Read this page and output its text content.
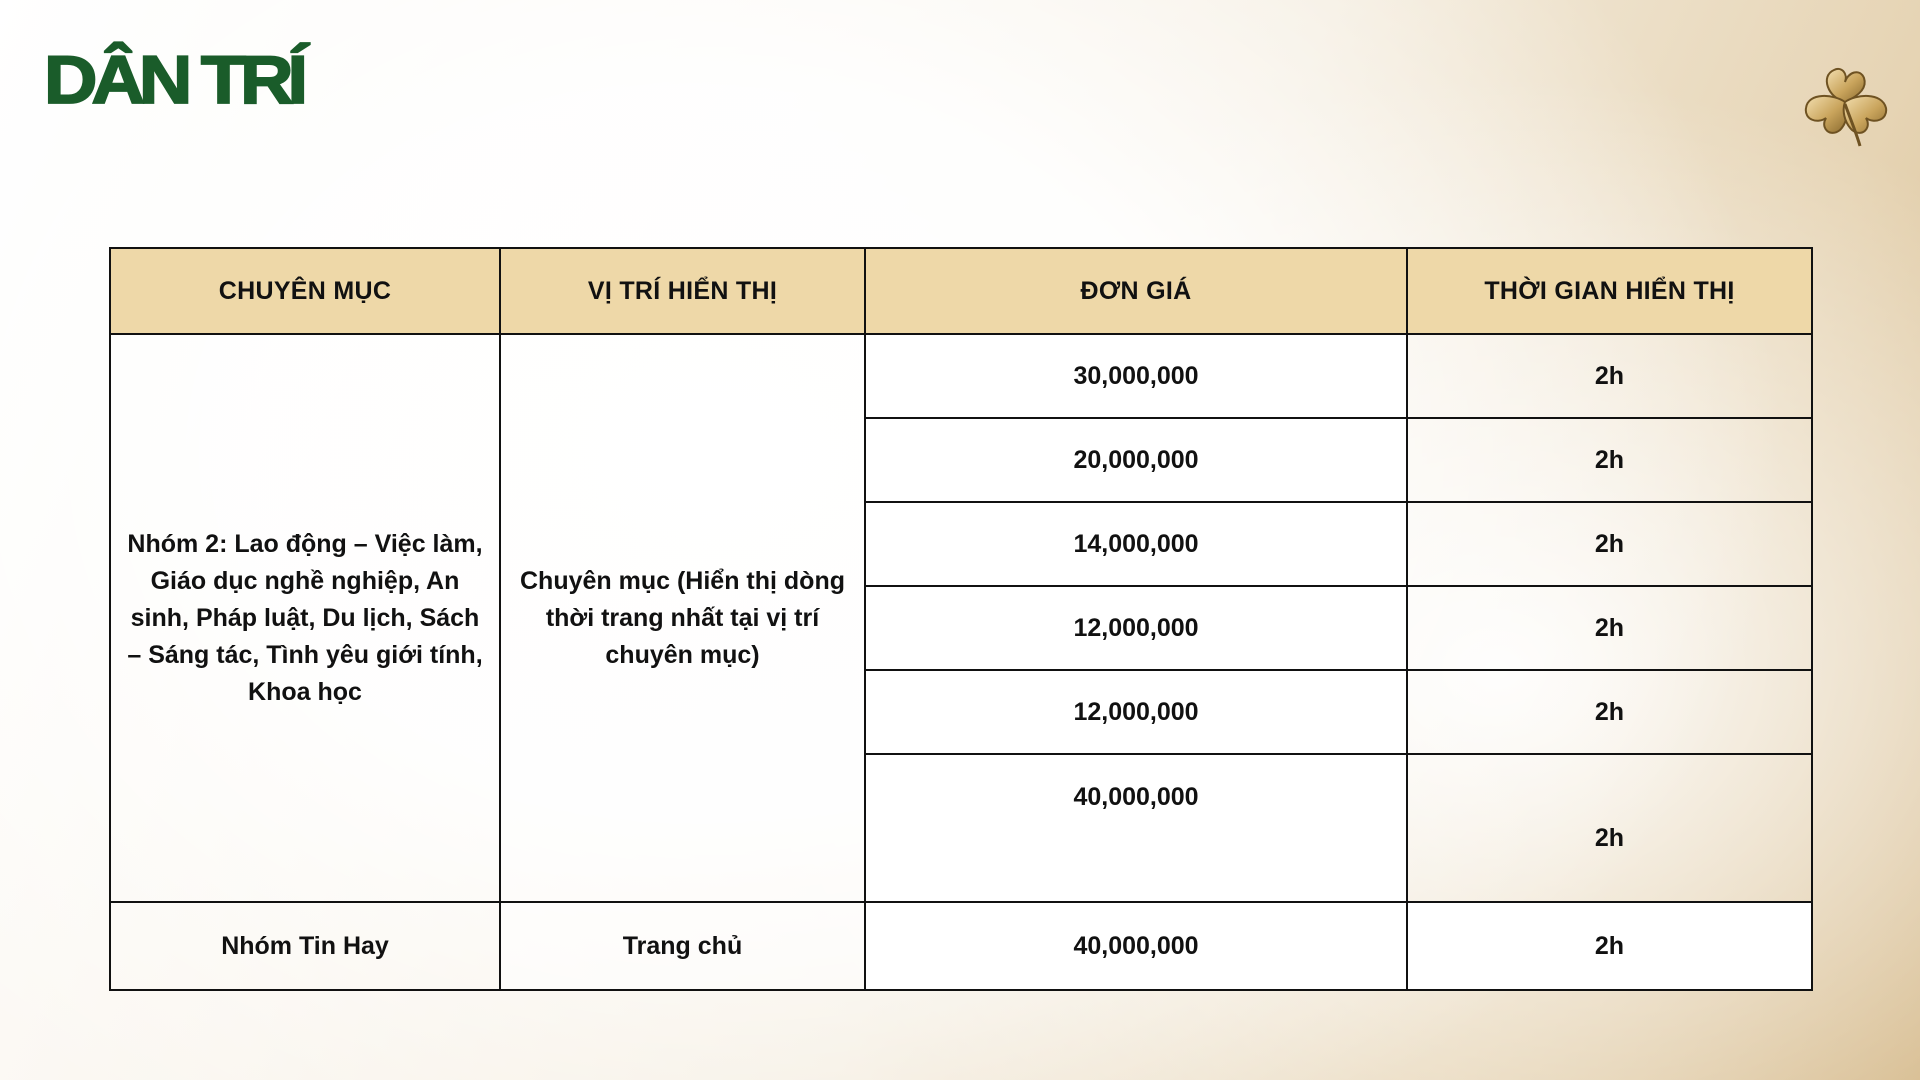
DÂN TRÍ
CHUYÊN MỤC	VỊ TRÍ HIỂN THỊ	ĐƠN GIÁ	THỜI GIAN HIỂN THỊ
Nhóm 2: Lao động – Việc làm, Giáo dục nghề nghiệp, An sinh, Pháp luật, Du lịch, Sách – Sáng tác, Tình yêu giới tính, Khoa học	Chuyên mục (Hiển thị dòng thời trang nhất tại vị trí chuyên mục)	30,000,000	2h
		20,000,000	2h
		14,000,000	2h
		12,000,000	2h
		12,000,000	2h
		40,000,000	2h
Nhóm Tin Hay	Trang chủ	40,000,000	2h
